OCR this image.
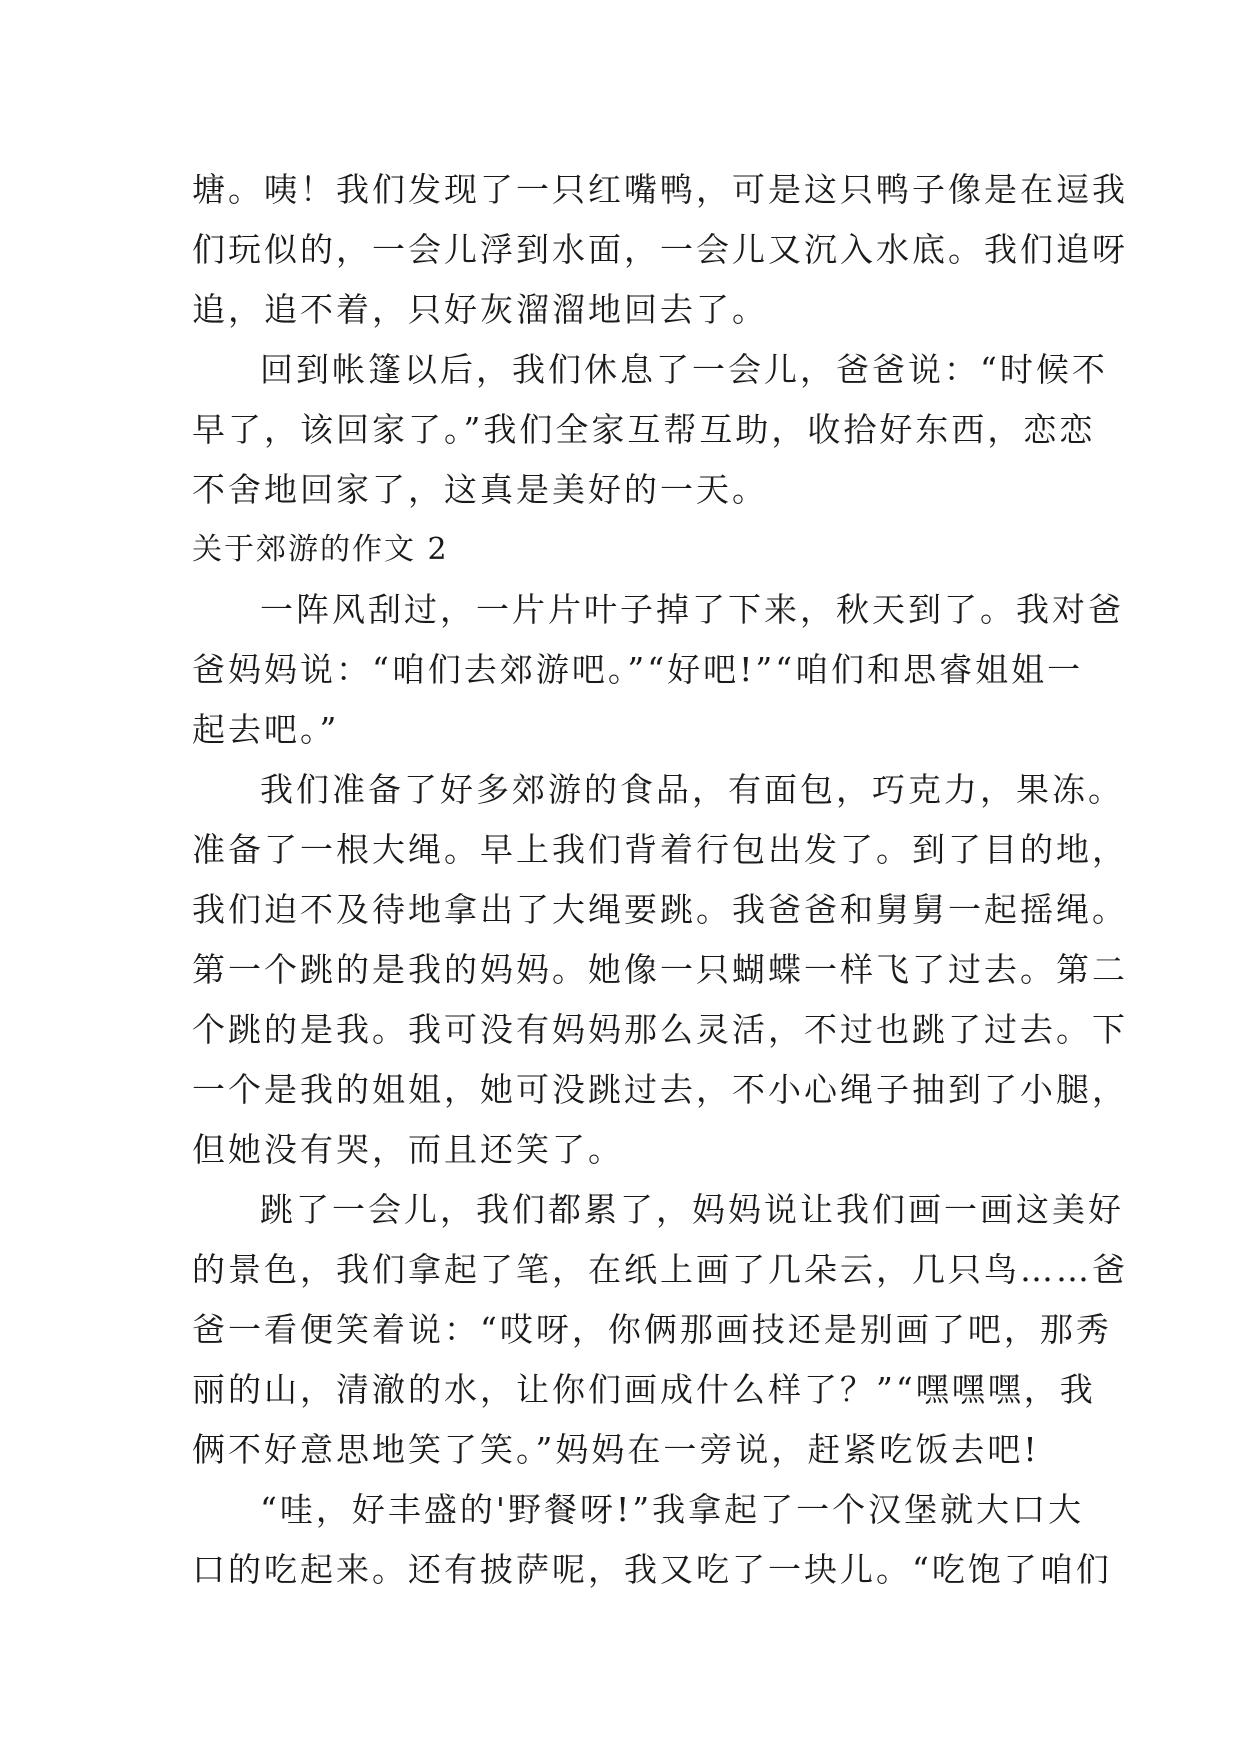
塘。咦！我们发现了一只红嘴鸭，可是这只鸭子像是在逗我
们玩似的，一会儿浮到水面，一会儿又沉入水底。我们追呀
追，追不着，只好灰溜溜地回去了。
回到帐篷以后，我们休息了一会儿，爸爸说：“时候不
早了，该回家了。”我们全家互帮互助，收拾好东西，恋恋
不舍地回家了，这真是美好的一天。
关于郊游的作文 2
一阵风刮过，一片片叶子掉了下来，秋天到了。我对爸
爸妈妈说：“咱们去郊游吧。”“好吧!”“咱们和思睿姐姐一
起去吧。”
我们准备了好多郊游的食品，有面包，巧克力，果冻。
准备了一根大绳。早上我们背着行包出发了。到了目的地，
我们迫不及待地拿出了大绳要跳。我爸爸和舅舅一起摇绳。
第一个跳的是我的妈妈。她像一只蝴蝶一样飞了过去。第二
个跳的是我。我可没有妈妈那么灵活，不过也跳了过去。下
一个是我的姐姐，她可没跳过去，不小心绳子抽到了小腿，
但她没有哭，而且还笑了。
跳了一会儿，我们都累了，妈妈说让我们画一画这美好
的景色，我们拿起了笔，在纸上画了几朵云，几只鸟……爸
爸一看便笑着说：“哎呀，你俩那画技还是别画了吧，那秀
丽的山，清澈的水，让你们画成什么样了？”“嘿嘿嘿，我
俩不好意思地笑了笑。”妈妈在一旁说，赶紧吃饭去吧!
“哇，好丰盛的'野餐呀!”我拿起了一个汉堡就大口大
口的吃起来。还有披萨呢，我又吃了一块儿。“吃饱了咱们
